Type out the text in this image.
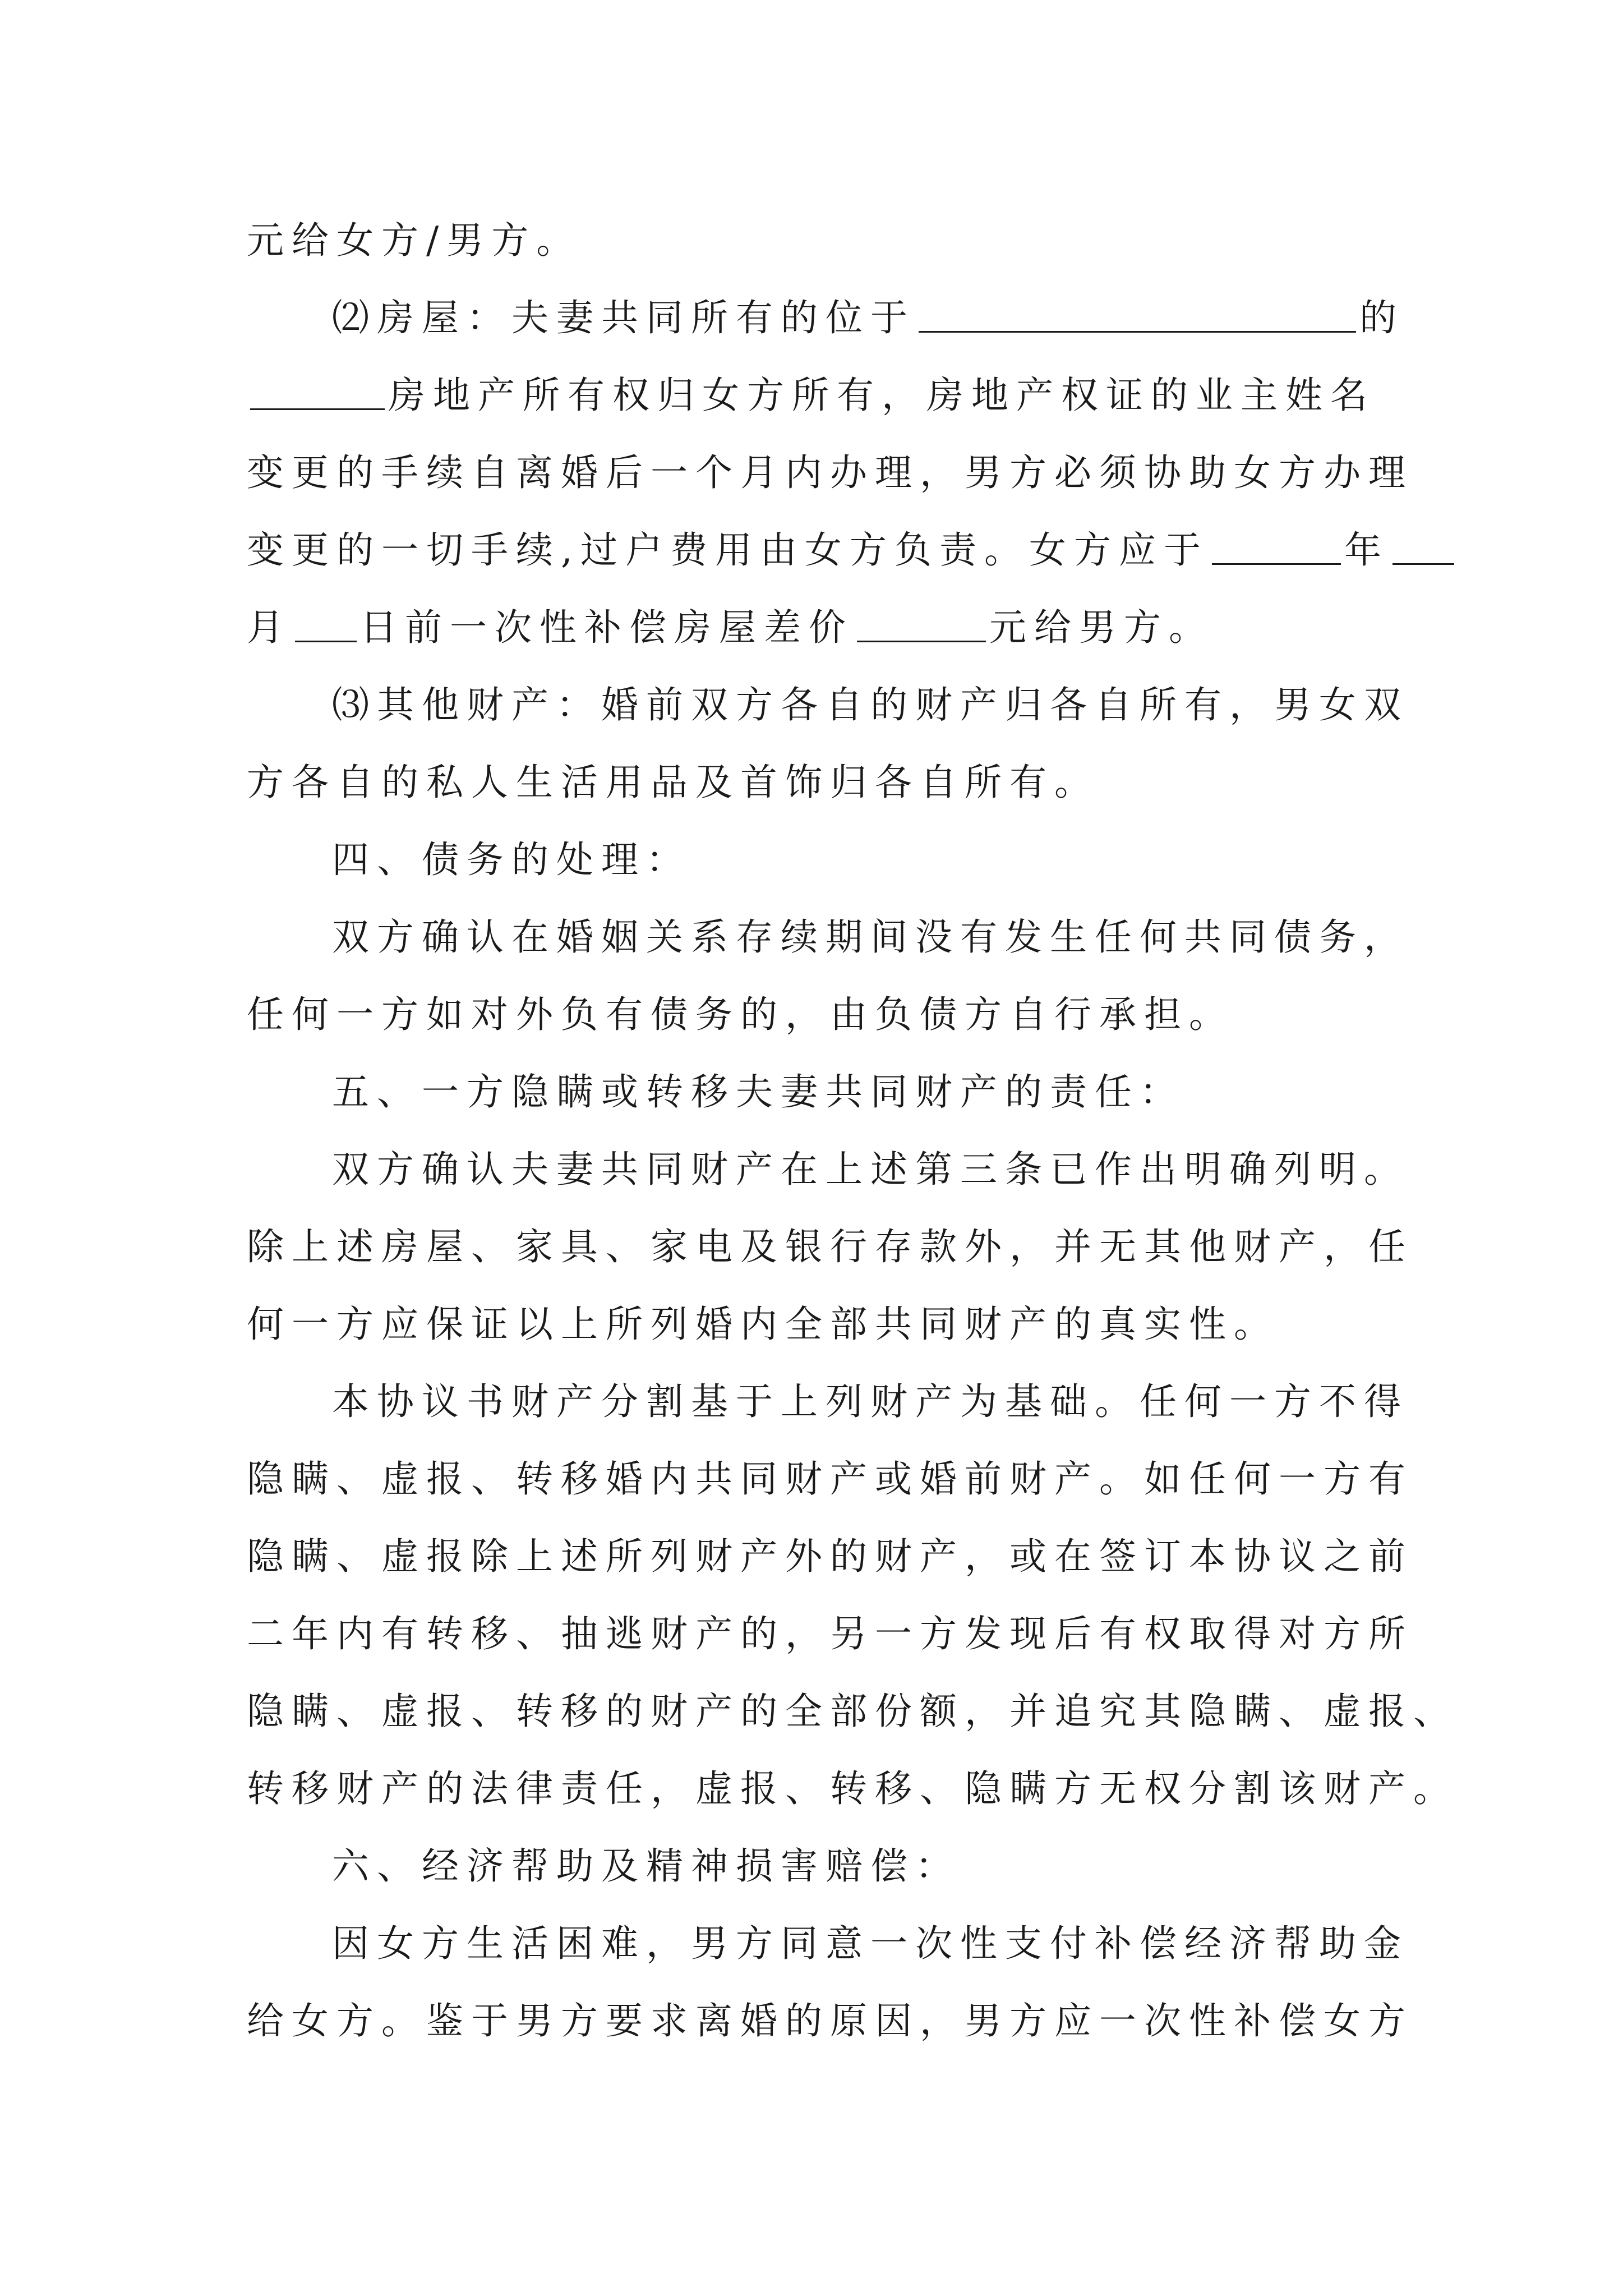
元给女方/男方。
⑵房屋：夫妻共同所有的位于	的
房地产所有权归女方所有，房地产权证的业主姓名
变更的手续自离婚后一个月内办理，男方必须协助女方办理
变更的一切手续,过户费用由女方负责。女方应于	年
月 日前一次性补偿房屋差价	元给男方。
⑶其他财产：婚前双方各自的财产归各自所有，男女双
方各自的私人生活用品及首饰归各自所有。
四、债务的处理：
双方确认在婚姻关系存续期间没有发生任何共同债务，
任何一方如对外负有债务的，由负债方自行承担。
五、一方隐瞒或转移夫妻共同财产的责任：
双方确认夫妻共同财产在上述第三条已作出明确列明。
除上述房屋、家具、家电及银行存款外，并无其他财产，任
何一方应保证以上所列婚内全部共同财产的真实性。
本协议书财产分割基于上列财产为基础。任何一方不得
隐瞒、虚报、转移婚内共同财产或婚前财产。如任何一方有
隐瞒、虚报除上述所列财产外的财产，或在签订本协议之前
二年内有转移、抽逃财产的，另一方发现后有权取得对方所
隐瞒、虚报、转移的财产的全部份额，并追究其隐瞒、虚报、
转移财产的法律责任，虚报、转移、隐瞒方无权分割该财产。
六、经济帮助及精神损害赔偿：
因女方生活困难，男方同意一次性支付补偿经济帮助金
给女方。鉴于男方要求离婚的原因，男方应一次性补偿女方
